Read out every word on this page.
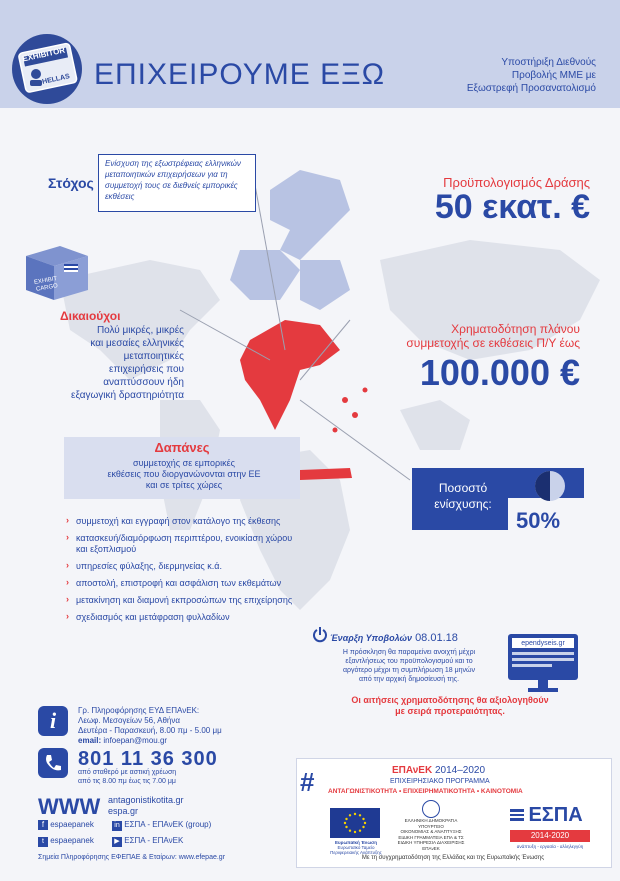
EXHIBITOR
HELLAS ΕΠΙΧΕΙΡΟΥΜΕ ΕΞΩ	Υποστήριξη Διεθνούς
Προβολής ΜΜΕ με
Εξωστρεφή Προσανατολισμό
Στόχος
Ενίσχυση της εξωστρέφειας ελληνικών μεταποιητικών επιχειρήσεων για τη συμμετοχή τους σε διεθνείς εμπορικές εκθέσεις
Προϋπολογισμός Δράσης
50 εκατ. €
EXHIBIT
CARGO
Δικαιούχοι
Πολύ μικρές, μικρές
και μεσαίες ελληνικές
μεταποιητικές
επιχειρήσεις που
αναπτύσσουν ήδη
εξαγωγική δραστηριότητα
Χρηματοδότηση πλάνου
συμμετοχής σε εκθέσεις Π/Υ έως
100.000 €
Δαπάνες
συμμετοχής σε εμπορικές
εκθέσεις που διοργανώνονται στην ΕΕ
και σε τρίτες χώρες
› συμμετοχή και εγγραφή στον κατάλογο της έκθεσης
› κατασκευή/διαμόρφωση περιπτέρου, ενοικίαση χώρου και εξοπλισμού
› υπηρεσίες φύλαξης, διερμηνείας κ.ά.
› αποστολή, επιστροφή και ασφάλιση των εκθεμάτων
› μετακίνηση και διαμονή εκπροσώπων της επιχείρησης
› σχεδιασμός και μετάφραση φυλλαδίων
Ποσοστό
ενίσχυσης:
50%
Έναρξη Υποβολών 08.01.18
Η πρόσκληση θα παραμείνει ανοιχτή μέχρι
εξαντλήσεως του προϋπολογισμού και το
αργότερο μέχρι τη συμπλήρωση 18 μηνών
από την αρχική δημοσίευσή της.
ependyseis.gr
Οι αιτήσεις χρηματοδότησης θα αξιολογηθούν
με σειρά προτεραιότητας.
i	Γρ. Πληροφόρησης ΕΥΔ ΕΠΑνΕΚ:
Λεωφ. Μεσογείων 56, Αθήνα
Δευτέρα - Παρασκευή, 8.00 πμ - 5.00 μμ
email: infoepan@mou.gr
801 11 36 300
από σταθερό με αστική χρέωση
από τις 8.00 πμ έως τις 7.00 μμ
WWW antagonistikotita.gr
espa.gr
f espaepanek	in ΕΣΠΑ - ΕΠΑνΕΚ (group)
t espaepanek	▶ ΕΣΠΑ - ΕΠΑνΕΚ
Σημεία Πληροφόρησης ΕΦΕΠΑΕ & Εταίρων: www.efepae.gr
#	ΕΠΑνΕΚ 2014–2020
ΕΠΙΧΕΙΡΗΣΙΑΚΟ ΠΡΟΓΡΑΜΜΑ
ΑΝΤΑΓΩΝΙΣΤΙΚΟΤΗΤΑ • ΕΠΙΧΕΙΡΗΜΑΤΙΚΟΤΗΤΑ • ΚΑΙΝΟΤΟΜΙΑ
Ευρωπαϊκή Ένωση
Ευρωπαϊκό Ταμείο
Περιφερειακής Ανάπτυξης
ΕΛΛΗΝΙΚΗ ΔΗΜΟΚΡΑΤΙΑ
ΥΠΟΥΡΓΕΙΟ
ΟΙΚΟΝΟΜΙΑΣ & ΑΝΑΠΤΥΞΗΣ
ΕΙΔΙΚΗ ΓΡΑΜΜΑΤΕΙΑ ΕΠΑ & ΤΣ
ΕΙΔΙΚΗ ΥΠΗΡΕΣΙΑ ΔΙΑΧΕΙΡΙΣΗΣ ΕΠΑνΕΚ
ΕΣΠΑ
2014-2020
ανάπτυξη - εργασία - αλληλεγγύη
Με τη συγχρηματοδότηση της Ελλάδας και της Ευρωπαϊκής Ένωσης
